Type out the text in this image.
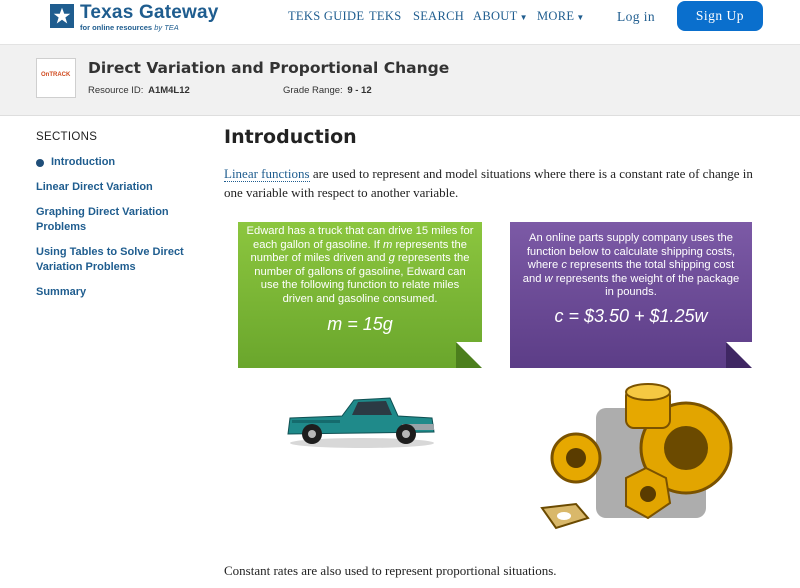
Texas Gateway
for online resources by TEA
TEKS GUIDE TEKS SEARCH ABOUT ▼ MORE ▼ Log in	Sign Up
OnTRACK Direct Variation and Proportional Change
Resource ID: A1M4L12	Grade Range: 9 - 12
SECTIONS
Introduction
Linear Direct Variation
Graphing Direct Variation Problems
Using Tables to Solve Direct Variation Problems
Summary
Introduction
Linear functions are used to represent and model situations where there is a constant rate of change in one variable with respect to another variable.
Edward has a truck that can drive 15 miles for each gallon of gasoline. If m represents the number of miles driven and g represents the number of gallons of gasoline, Edward can use the following function to relate miles driven and gasoline consumed.
m = 15g
An online parts supply company uses the function below to calculate shipping costs, where c represents the total shipping cost and w represents the weight of the package in pounds.
c = $3.50 + $1.25w
Constant rates are also used to represent proportional situations.
